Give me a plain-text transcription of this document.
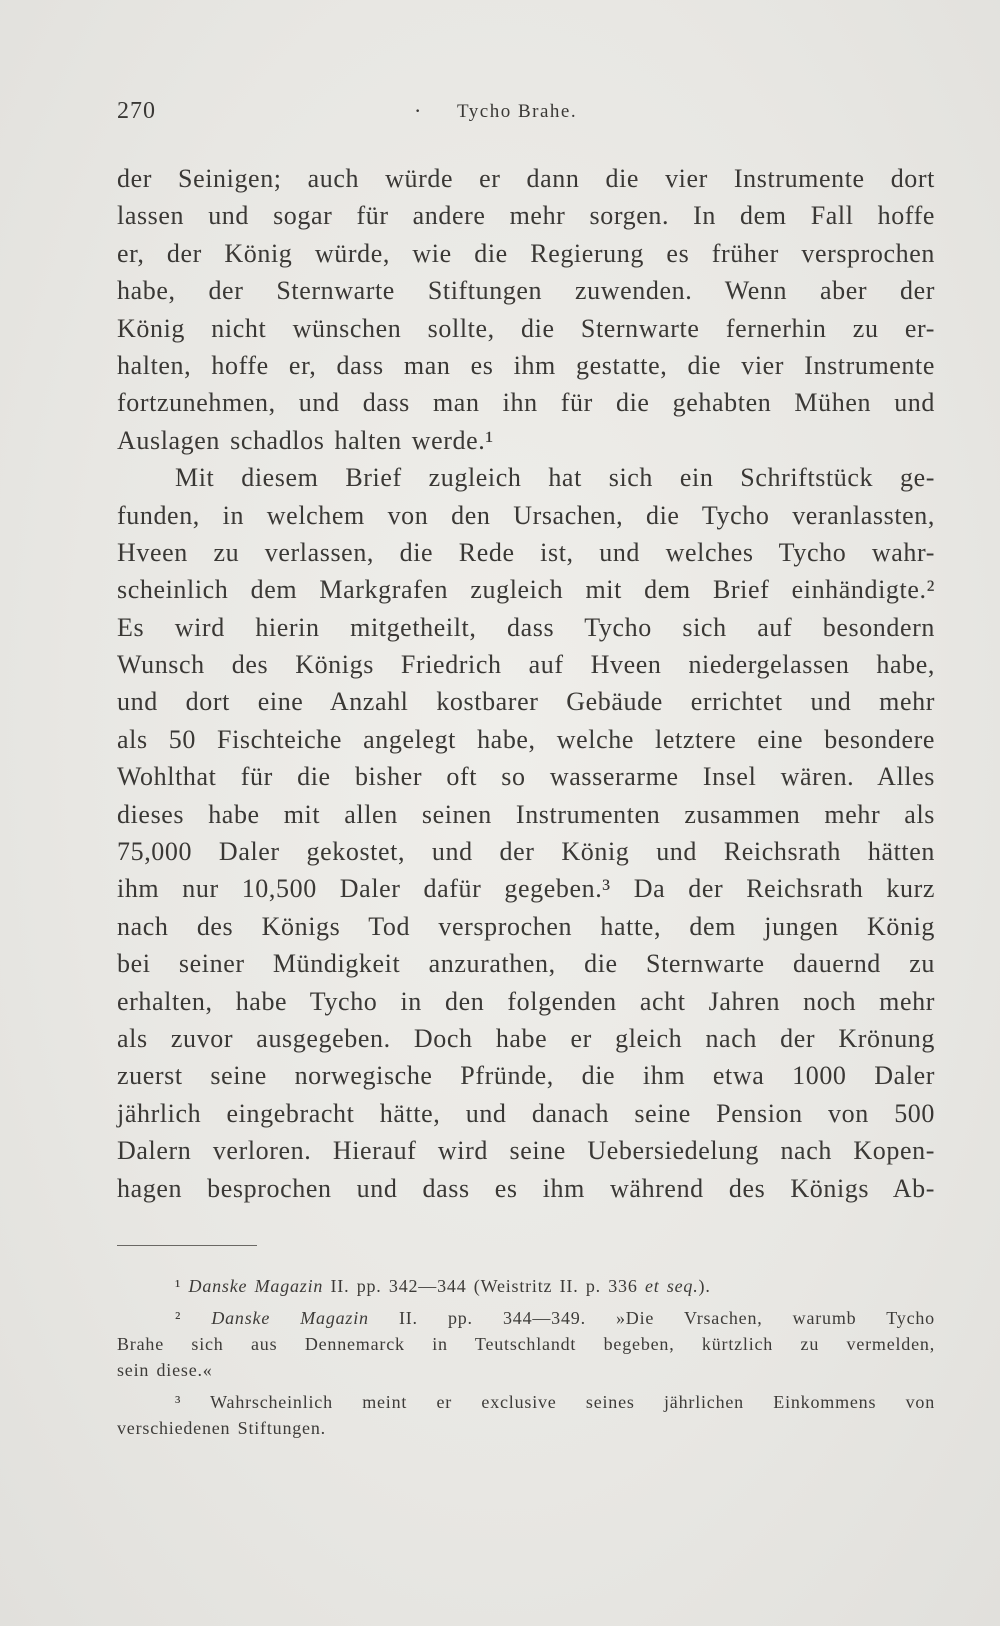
270	· Tycho Brahe.
der Seinigen; auch würde er dann die vier Instrumente dort
lassen und sogar für andere mehr sorgen. In dem Fall hoffe
er, der König würde, wie die Regierung es früher versprochen
habe, der Sternwarte Stiftungen zuwenden. Wenn aber der
König nicht wünschen sollte, die Sternwarte fernerhin zu er-
halten, hoffe er, dass man es ihm gestatte, die vier Instrumente
fortzunehmen, und dass man ihn für die gehabten Mühen und
Auslagen schadlos halten werde.¹
Mit diesem Brief zugleich hat sich ein Schriftstück ge-
funden, in welchem von den Ursachen, die Tycho veranlassten,
Hveen zu verlassen, die Rede ist, und welches Tycho wahr-
scheinlich dem Markgrafen zugleich mit dem Brief einhändigte.²
Es wird hierin mitgetheilt, dass Tycho sich auf besondern
Wunsch des Königs Friedrich auf Hveen niedergelassen habe,
und dort eine Anzahl kostbarer Gebäude errichtet und mehr
als 50 Fischteiche angelegt habe, welche letztere eine besondere
Wohlthat für die bisher oft so wasserarme Insel wären. Alles
dieses habe mit allen seinen Instrumenten zusammen mehr als
75,000 Daler gekostet, und der König und Reichsrath hätten
ihm nur 10,500 Daler dafür gegeben.³ Da der Reichsrath kurz
nach des Königs Tod versprochen hatte, dem jungen König
bei seiner Mündigkeit anzurathen, die Sternwarte dauernd zu
erhalten, habe Tycho in den folgenden acht Jahren noch mehr
als zuvor ausgegeben. Doch habe er gleich nach der Krönung
zuerst seine norwegische Pfründe, die ihm etwa 1000 Daler
jährlich eingebracht hätte, und danach seine Pension von 500
Dalern verloren. Hierauf wird seine Uebersiedelung nach Kopen-
hagen besprochen und dass es ihm während des Königs Ab-
¹ Danske Magazin II. pp. 342—344 (Weistritz II. p. 336 et seq.).
² Danske Magazin II. pp. 344—349. »Die Vrsachen, warumb Tycho
Brahe sich aus Dennemarck in Teutschlandt begeben, kürtzlich zu vermelden,
sein diese.«
³ Wahrscheinlich meint er exclusive seines jährlichen Einkommens von
verschiedenen Stiftungen.
